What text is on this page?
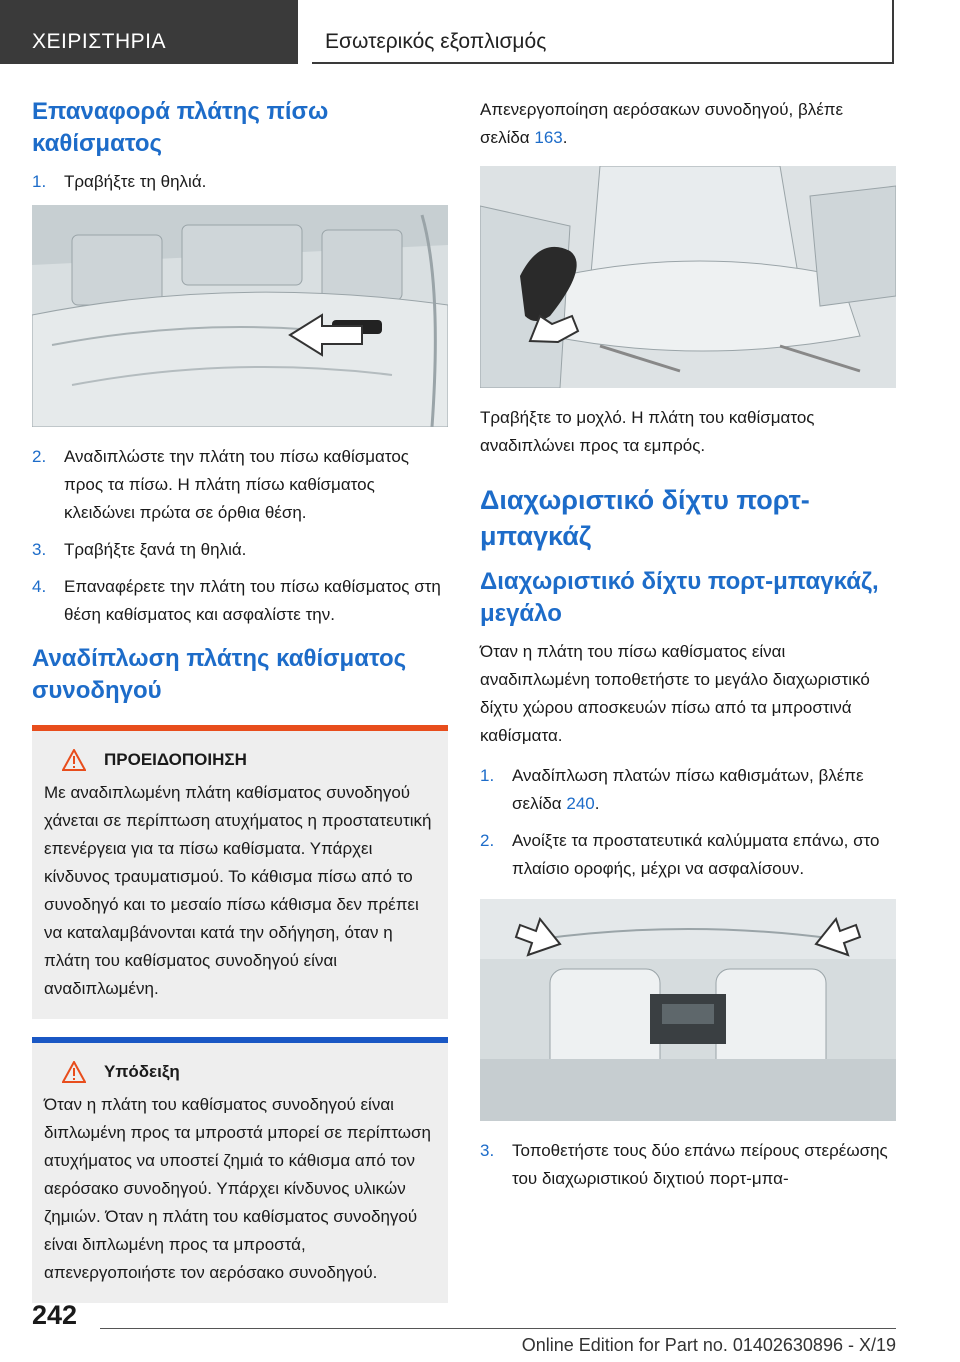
ΧΕΙΡΙΣΤΗΡΙΑ	Εσωτερικός εξοπλισμός
Επαναφορά πλάτης πίσω καθίσματος
1. Τραβήξτε τη θηλιά.
2. Αναδιπλώστε την πλάτη του πίσω καθίσματος προς τα πίσω. Η πλάτη πίσω καθίσματος κλειδώνει πρώτα σε όρθια θέση.
3. Τραβήξτε ξανά τη θηλιά.
4. Επαναφέρετε την πλάτη του πίσω καθίσματος στη θέση καθίσματος και ασφαλίστε την.
Αναδίπλωση πλάτης καθίσματος συνοδηγού
ΠΡΟΕΙΔΟΠΟΙΗΣΗ
Με αναδιπλωμένη πλάτη καθίσματος συνοδηγού χάνεται σε περίπτωση ατυχήματος η προστατευτική επενέργεια για τα πίσω καθίσματα. Υπάρχει κίνδυνος τραυματισμού. Το κάθισμα πίσω από το συνοδηγό και το μεσαίο πίσω κάθισμα δεν πρέπει να καταλαμβάνονται κατά την οδήγηση, όταν η πλάτη του καθίσματος συνοδηγού είναι αναδιπλωμένη.
Υπόδειξη
Όταν η πλάτη του καθίσματος συνοδηγού είναι διπλωμένη προς τα μπροστά μπορεί σε περίπτωση ατυχήματος να υποστεί ζημιά το κάθισμα από τον αερόσακο συνοδηγού. Υπάρχει κίνδυνος υλικών ζημιών. Όταν η πλάτη του καθίσματος συνοδηγού είναι διπλωμένη προς τα μπροστά, απενεργοποιήστε τον αερόσακο συνοδηγού.

Απενεργοποίηση αερόσακων συνοδηγού, βλέπε σελίδα 163.

Τραβήξτε το μοχλό. Η πλάτη του καθίσματος αναδιπλώνει προς τα εμπρός.

Διαχωριστικό δίχτυ πορτ-μπαγκάζ
Διαχωριστικό δίχτυ πορτ-μπαγκάζ, μεγάλο

Όταν η πλάτη του πίσω καθίσματος είναι αναδιπλωμένη τοποθετήστε το μεγάλο διαχωριστικό δίχτυ χώρου αποσκευών πίσω από τα μπροστινά καθίσματα.

1. Αναδίπλωση πλατών πίσω καθισμάτων, βλέπε σελίδα 240.
2. Ανοίξτε τα προστατευτικά καλύμματα επάνω, στο πλαίσιο οροφής, μέχρι να ασφαλίσουν.
3. Τοποθετήστε τους δύο επάνω πείρους στερέωσης του διαχωριστικού διχτιού πορτ-μπα-
242
Online Edition for Part no. 01402630896 - X/19
